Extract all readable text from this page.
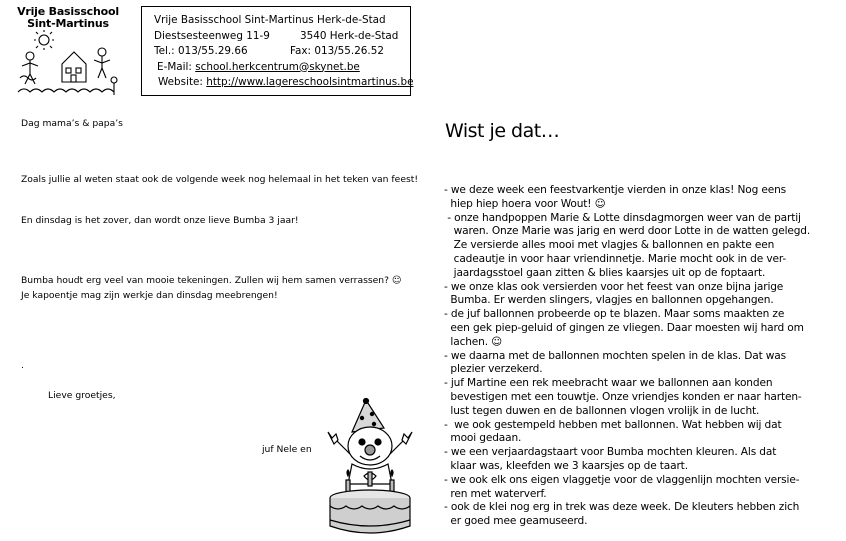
Vrije Basisschool
Sint-Martinus	Vrije Basisschool Sint-Martinus Herk-de-Stad
Diestsesteenweg 11-9	3540 Herk-de-Stad
Tel.: 013/55.29.66	Fax: 013/55.26.52
E-Mail: school.herkcentrum@skynet.be
Website: http://www.lagereschoolsintmartinus.be
Dag mama’s & papa’s
Zoals jullie al weten staat ook de volgende week nog helemaal in het teken van feest!
En dinsdag is het zover, dan wordt onze lieve Bumba 3 jaar!
Bumba houdt erg veel van mooie tekeningen. Zullen wij hem samen verrassen? ☺
Je kapoentje mag zijn werkje dan dinsdag meebrengen!
.
Lieve groetjes,
juf Nele en
Wist je dat…
- we deze week een feestvarkentje vierden in onze klas! Nog eens
hiep hiep hoera voor Wout! ☺
- onze handpoppen Marie & Lotte dinsdagmorgen weer van de partij
waren. Onze Marie was jarig en werd door Lotte in de watten gelegd.
Ze versierde alles mooi met vlagjes & ballonnen en pakte een
cadeautje in voor haar vriendinnetje. Marie mocht ook in de ver-
jaardagsstoel gaan zitten & blies kaarsjes uit op de foptaart.
- we onze klas ook versierden voor het feest van onze bijna jarige
Bumba. Er werden slingers, vlagjes en ballonnen opgehangen.
- de juf ballonnen probeerde op te blazen. Maar soms maakten ze
een gek piep-geluid of gingen ze vliegen. Daar moesten wij hard om
lachen. ☺
- we daarna met de ballonnen mochten spelen in de klas. Dat was
plezier verzekerd.
- juf Martine een rek meebracht waar we ballonnen aan konden
bevestigen met een touwtje. Onze vriendjes konden er naar harten-
lust tegen duwen en de ballonnen vlogen vrolijk in de lucht.
-  we ook gestempeld hebben met ballonnen. Wat hebben wij dat
mooi gedaan.
- we een verjaardagstaart voor Bumba mochten kleuren. Als dat
klaar was, kleefden we 3 kaarsjes op de taart.
- we ook elk ons eigen vlaggetje voor de vlaggenlijn mochten versie-
ren met waterverf.
- ook de klei nog erg in trek was deze week. De kleuters hebben zich
er goed mee geamuseerd.
